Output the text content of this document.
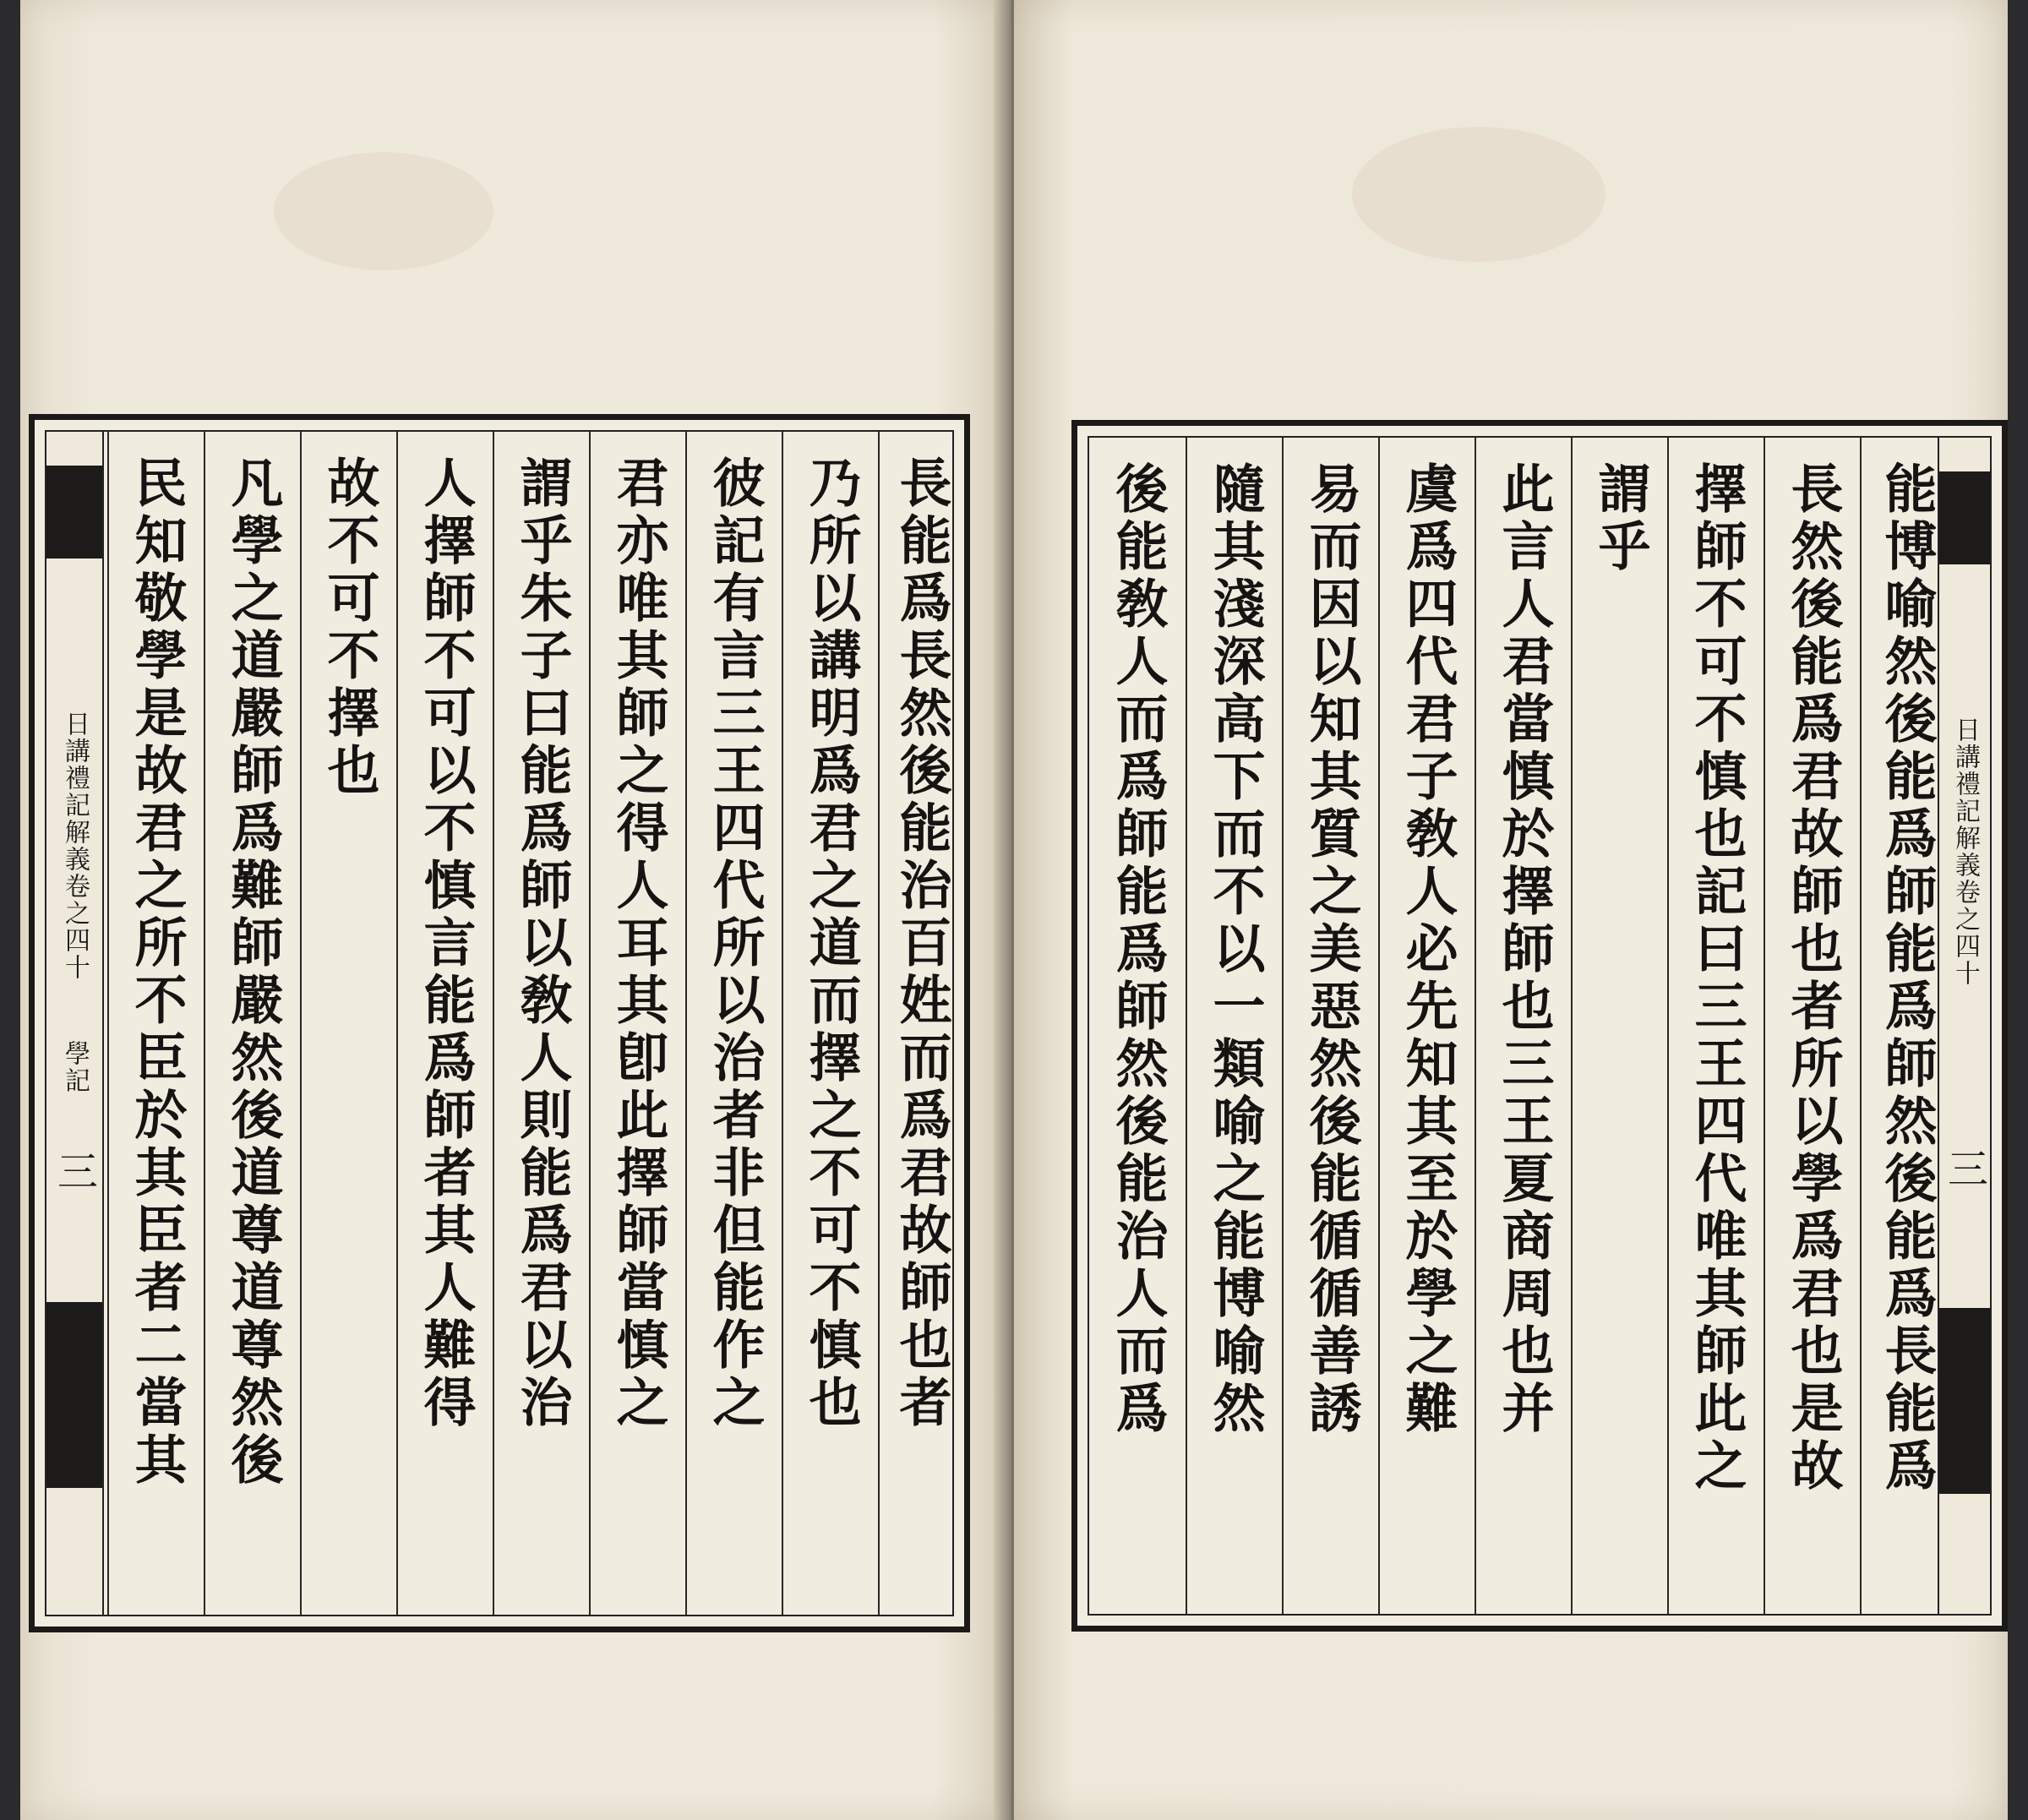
日講禮記解義卷之四十
學記
三	長能爲長然後能治百姓而爲君故師也者
乃所以講明爲君之道而擇之不可不慎也
彼記有言三王四代所以治者非但能作之
君亦唯其師之得人耳其卽此擇師當慎之
謂乎朱子曰能爲師以敎人則能爲君以治
人擇師不可以不慎言能爲師者其人難得
故不可不擇也
凡學之道嚴師爲難師嚴然後道尊道尊然後
民知敬學是故君之所不臣於其臣者二當其	日講禮記解義卷之四十
三
能博喻然後能爲師能爲師然後能爲長能爲
長然後能爲君故師也者所以學爲君也是故
擇師不可不慎也記曰三王四代唯其師此之
謂乎
此言人君當慎於擇師也三王夏商周也并
虞爲四代君子敎人必先知其至於學之難
易而因以知其質之美惡然後能循循善誘
隨其淺深高下而不以一類喻之能博喻然
後能敎人而爲師能爲師然後能治人而爲
